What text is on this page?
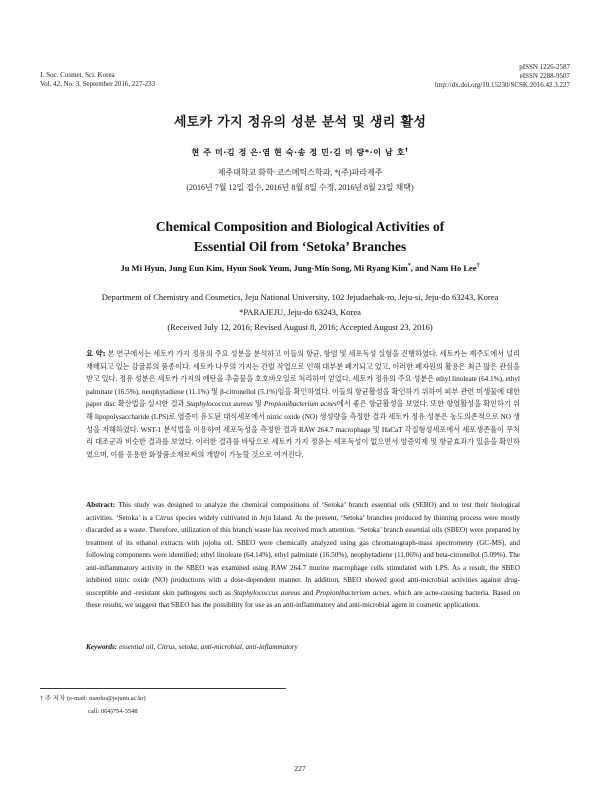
J. Soc. Cosmet. Sci. Korea
Vol. 42, No. 3, September 2016, 227-233
pISSN 1226-2587
eISSN 2288-9507
http://dx.doi.org/10.15230/SCSK.2016.42.3.227
세토카 가지 정유의 성분 분석 및 생리 활성
현 주 미·김 정 은·염 현 숙·송 정 민·김 미 량*·이 남 호†
제주대학교 화학·코스메틱스학과, *(주)파라제주
(2016년 7월 12일 접수, 2016년 8월 8일 수정, 2016년 8월 23일 채택)
Chemical Composition and Biological Activities of
Essential Oil from ‘Setoka’ Branches
Ju Mi Hyun, Jung Eun Kim, Hyun Sook Yeum, Jung-Min Song, Mi Ryang Kim*, and Nam Ho Lee†
Department of Chemistry and Cosmetics, Jeju National University, 102 Jejudaehak-ro, Jeju-si, Jeju-do 63243, Korea
*PARAJEJU, Jeju-do 63243, Korea
(Received July 12, 2016; Revised August 8, 2016; Accepted August 23, 2016)
요 약: 본 연구에서는 세토카 가지 정유의 주요 성분을 분석하고 이들의 항균, 항염 및 세포독성 실험을 진행하였다. 세토카는 제주도에서 널리 재배되고 있는 감귤류의 품종이다. 세토카 나무의 가지는 간벌 작업으로 인해 대부분 폐기되고 있고, 이러한 폐자원의 활용은 최근 많은 관심을 받고 있다. 정유 성분은 세토카 가지의 에탄올 추출물을 호호바오일로 처리하여 얻었다. 세토카 정유의 주요 성분은 ethyl linoleate (64.1%), ethyl palmitate (16.5%), neophytadiene (11.1%) 및 β-citronellol (5.1%)임을 확인하였다. 이들의 항균활성을 확인하기 위하여 피부 관련 미생물에 대한 paper disc 확산법을 실시한 결과 Staphylococcus aureus 및 Propionibacterium acnes에서 좋은 항균활성을 보였다. 또한 항염활성을 확인하기 위해 lipopolysaccharide (LPS)로 염증이 유도된 대식세포에서 nitric oxide (NO) 생성량을 측정한 결과 세토카 정유 성분은 농도의존적으로 NO 생성을 저해하였다. WST-1 분석법을 이용하여 세포독성을 측정한 결과 RAW 264.7 macrophage 및 HaCaT 각질형성세포에서 세포생존율이 무처리 대조군과 비슷한 결과를 보였다. 이러한 결과를 바탕으로 세토카 가지 정유는 세포독성이 없으면서 염증억제 및 항균효과가 있음을 확인하였으며, 이를 응용한 화장품소재로써의 개발이 가능할 것으로 여겨진다.
Abstract: This study was designed to analyze the chemical compositions of ‘Setoka’ branch essential oils (SEBO) and to test their biological activities. ‘Setoka’ is a Citrus species widely cultivated in Jeju Island. At the present, ‘Setoka’ branches produced by thinning process were mostly discarded as a waste. Therefore, utilization of this branch waste has received much attention. ‘Setoka’ branch essential oils (SBEO) were prepared by treatment of its ethanol extracts with jojoba oil. SBEO were chemically analyzed using gas chromatograph-mass spectrometry (GC-MS), and following components were identified; ethyl linoleate (64.14%), ethyl palmitate (16.50%), neophytadiene (11.06%) and beta-citronellol (5.09%). The anti-inflammatory activity in the SBEO was examined using RAW 264.7 murine macrophage cells stimulated with LPS. As a result, the SBEO inhibited nitric oxide (NO) productions with a dose-dependent manner. In addition, SBEO showed good anti-microbial activities against drug-susceptible and -resistant skin pathogens such as Staphylococcus aureus and Propionibacterium acnes, which are acne-causing bacteria. Based on these results, we suggest that SBEO has the possibility for use as an anti-inflammatory and anti-microbial agent in cosmetic applications.
Keywords: essential oil, Citrus, setoka, anti-microbial, anti-inflammatory
† 주 저자 (e-mail: namho@jejunu.ac.kr)
call: 064)754-3548
227
